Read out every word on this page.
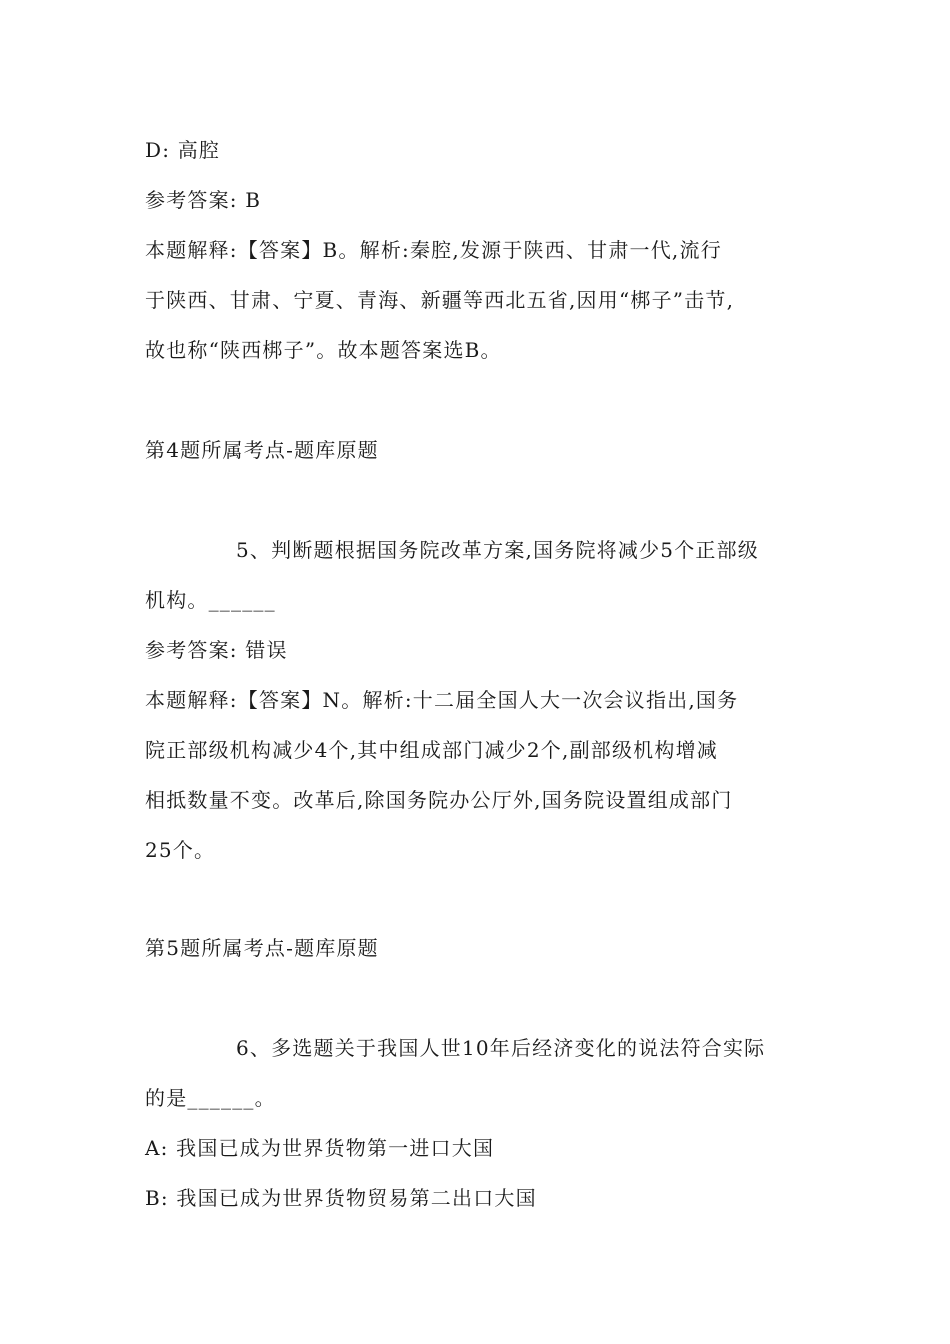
D: 高腔
参考答案: B
本题解释:【答案】B。解析:秦腔,发源于陕西、甘肃一代,流行
于陕西、甘肃、宁夏、青海、新疆等西北五省,因用“梆子”击节,
故也称“陕西梆子”。故本题答案选B。
第4题所属考点-题库原题
5、判断题根据国务院改革方案,国务院将减少5个正部级
机构。______
参考答案: 错误
本题解释:【答案】N。解析:十二届全国人大一次会议指出,国务
院正部级机构减少4个,其中组成部门减少2个,副部级机构增减
相抵数量不变。改革后,除国务院办公厅外,国务院设置组成部门
25个。
第5题所属考点-题库原题
6、多选题关于我国人世10年后经济变化的说法符合实际
的是______。
A: 我国已成为世界货物第一进口大国
B: 我国已成为世界货物贸易第二出口大国
